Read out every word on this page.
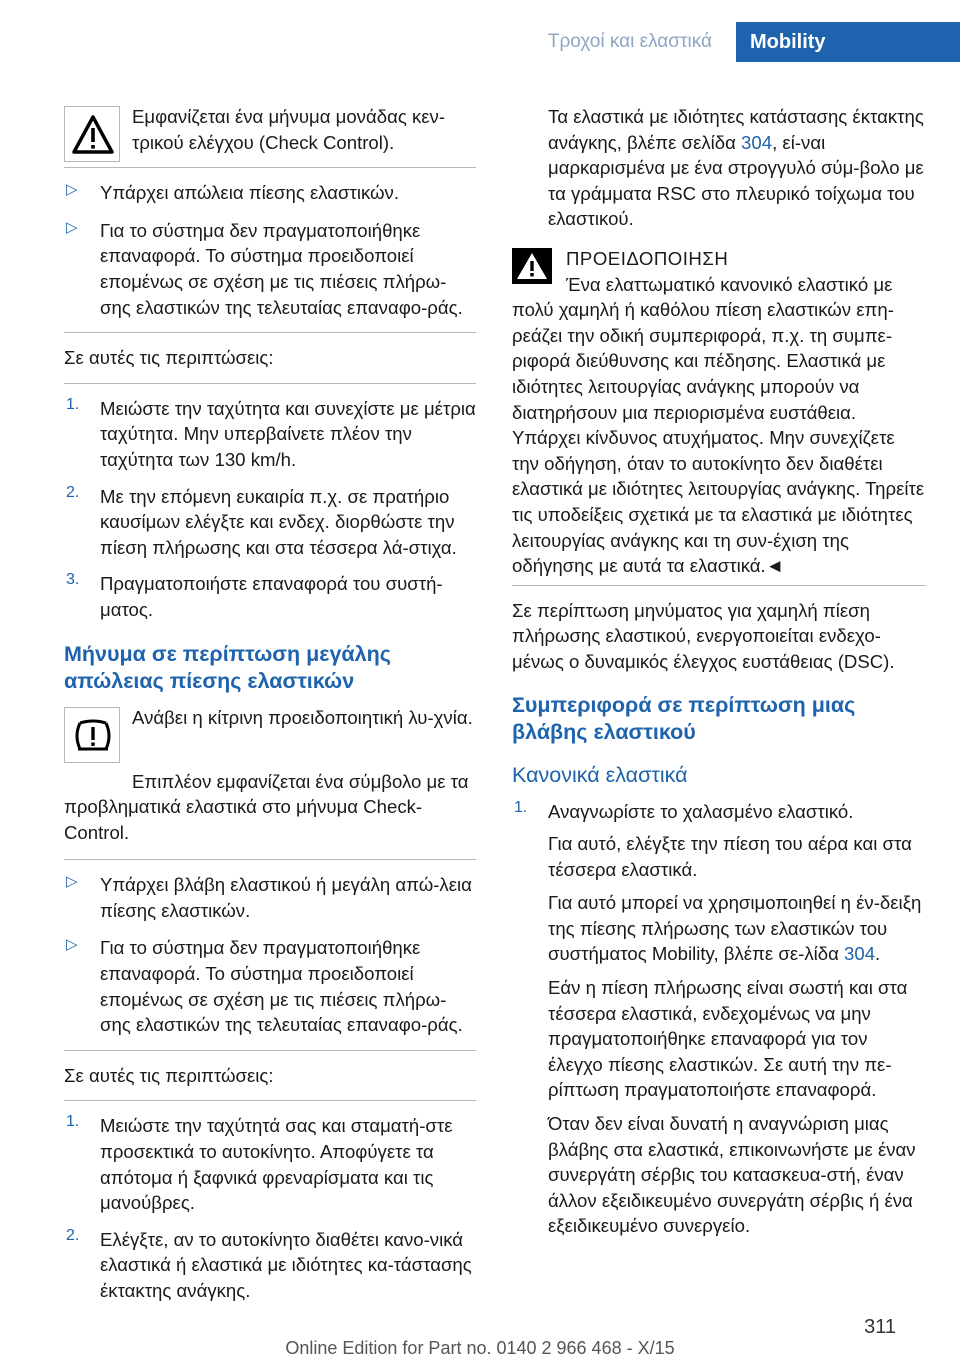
Τροχοί και ελαστικά	Mobility

Εμφανίζεται ένα μήνυμα μονάδας κεν‐τρικού ελέγχου (Check Control).

▷ Υπάρχει απώλεια πίεσης ελαστικών.

▷ Για το σύστημα δεν πραγματοποιήθηκε επαναφορά. Το σύστημα προειδοποιεί επομένως σε σχέση με τις πιέσεις πλήρω‐σης ελαστικών της τελευταίας επαναφο‐ράς.

Σε αυτές τις περιπτώσεις:

1. Μειώστε την ταχύτητα και συνεχίστε με μέτρια ταχύτητα. Μην υπερβαίνετε πλέον την ταχύτητα των 130 km/h.

2. Με την επόμενη ευκαιρία π.χ. σε πρατήριο καυσίμων ελέγξτε και ενδεχ. διορθώστε την πίεση πλήρωσης και στα τέσσερα λά‐στιχα.

3. Πραγματοποιήστε επαναφορά του συστή‐ματος.

Μήνυμα σε περίπτωση μεγάλης απώλειας πίεσης ελαστικών

Ανάβει η κίτρινη προειδοποιητική λυ‐χνία.

Επιπλέον εμφανίζεται ένα σύμβολο με τα προβληματικά ελαστικά στο μήνυμα Check-Control.

▷ Υπάρχει βλάβη ελαστικού ή μεγάλη απώ‐λεια πίεσης ελαστικών.

▷ Για το σύστημα δεν πραγματοποιήθηκε επαναφορά. Το σύστημα προειδοποιεί επομένως σε σχέση με τις πιέσεις πλήρω‐σης ελαστικών της τελευταίας επαναφο‐ράς.

Σε αυτές τις περιπτώσεις:

1. Μειώστε την ταχύτητά σας και σταματή‐στε προσεκτικά το αυτοκίνητο. Αποφύγετε τα απότομα ή ξαφνικά φρεναρίσματα και τις μανούβρες.

2. Ελέγξτε, αν το αυτοκίνητο διαθέτει κανο‐νικά ελαστικά ή ελαστικά με ιδιότητες κα‐τάστασης έκτακτης ανάγκης.

Τα ελαστικά με ιδιότητες κατάστασης έκτακτης ανάγκης, βλέπε σελίδα 304, εί‐ναι μαρκαρισμένα με ένα στρογγυλό σύμ‐βολο με τα γράμματα RSC στο πλευρικό τοίχωμα του ελαστικού.

ΠΡΟΕΙΔΟΠΟΙΗΣΗ

Ένα ελαττωματικό κανονικό ελαστικό με

πολύ χαμηλή ή καθόλου πίεση ελαστικών επη‐ρεάζει την οδική συμπεριφορά, π.χ. τη συμπε‐ριφορά διεύθυνσης και πέδησης. Ελαστικά με ιδιότητες λειτουργίας ανάγκης μπορούν να διατηρήσουν μια περιορισμένα ευστάθεια. Υπάρχει κίνδυνος ατυχήματος. Μην συνεχίζετε την οδήγηση, όταν το αυτοκίνητο δεν διαθέτει ελαστικά με ιδιότητες λειτουργίας ανάγκης. Τηρείτε τις υποδείξεις σχετικά με τα ελαστικά με ιδιότητες λειτουργίας ανάγκης και τη συν‐έχιση της οδήγησης με αυτά τα ελαστικά.◄

Σε περίπτωση μηνύματος για χαμηλή πίεση πλήρωσης ελαστικού, ενεργοποιείται ενδεχο‐μένως ο δυναμικός έλεγχος ευστάθειας (DSC).

Συμπεριφορά σε περίπτωση μιας βλάβης ελαστικού
Κανονικά ελαστικά
1. Αναγνωρίστε το χαλασμένο ελαστικό.

Για αυτό, ελέγξτε την πίεση του αέρα και στα τέσσερα ελαστικά.

Για αυτό μπορεί να χρησιμοποιηθεί η έν‐δειξη της πίεσης πλήρωσης των ελαστικών του συστήματος Mobility, βλέπε σε‐λίδα 304.

Εάν η πίεση πλήρωσης είναι σωστή και στα τέσσερα ελαστικά, ενδεχομένως να μην πραγματοποιήθηκε επαναφορά για τον έλεγχο πίεσης ελαστικών. Σε αυτή την πε‐ρίπτωση πραγματοποιήστε επαναφορά.

Όταν δεν είναι δυνατή η αναγνώριση μιας βλάβης στα ελαστικά, επικοινωνήστε με έναν συνεργάτη σέρβις του κατασκευα‐στή, έναν άλλον εξειδικευμένο συνεργάτη σέρβις ή ένα εξειδικευμένο συνεργείο.

311
Online Edition for Part no. 0140 2 966 468 - X/15
